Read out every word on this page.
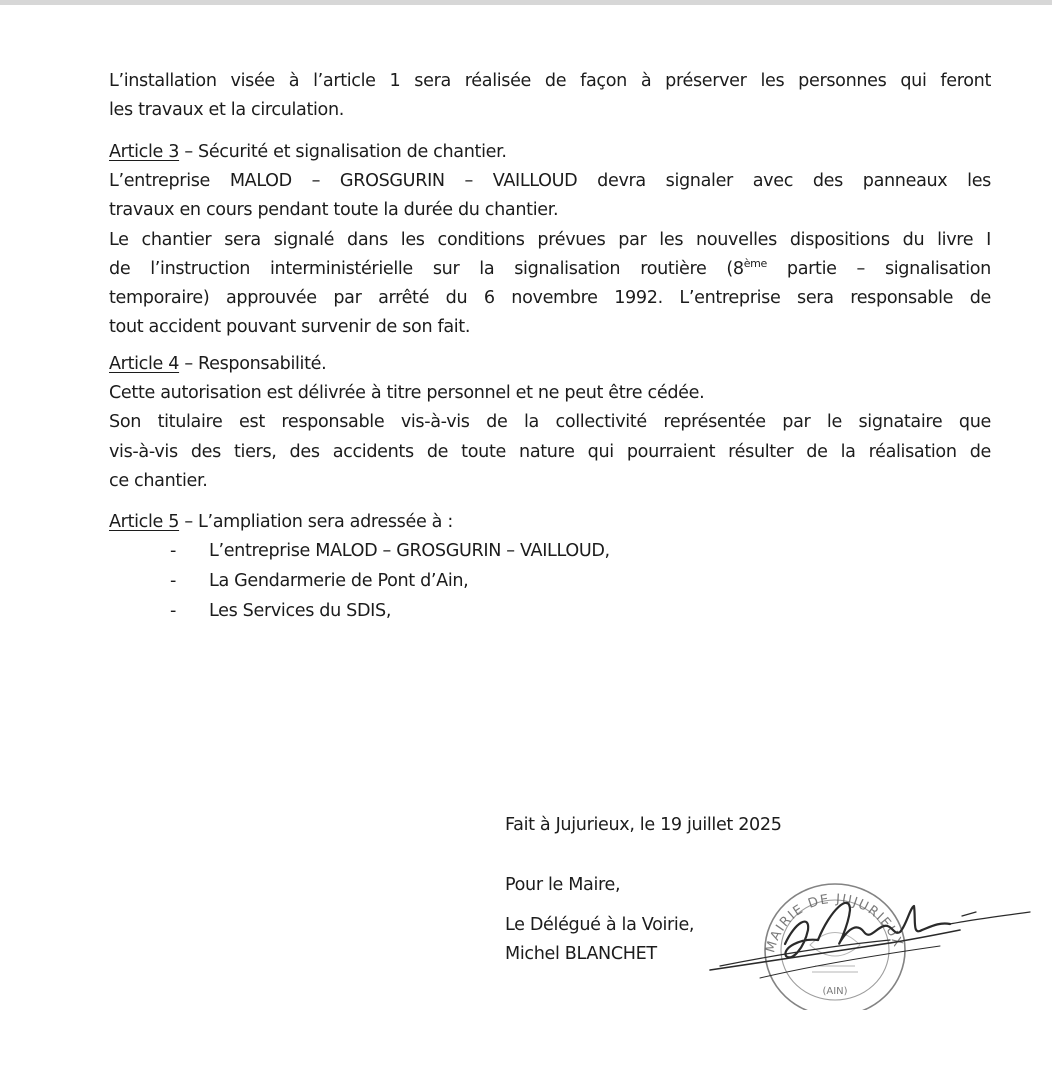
L’installation visée à l’article 1 sera réalisée de façon à préserver les personnes qui feront
les travaux et la circulation.
Article 3 – Sécurité et signalisation de chantier.
L’entreprise MALOD – GROSGURIN – VAILLOUD devra signaler avec des panneaux les
travaux en cours pendant toute la durée du chantier.
Le chantier sera signalé dans les conditions prévues par les nouvelles dispositions du livre I
de l’instruction interministérielle sur la signalisation routière (8ème partie – signalisation
temporaire) approuvée par arrêté du 6 novembre 1992. L’entreprise sera responsable de
tout accident pouvant survenir de son fait.
Article 4 – Responsabilité.
Cette autorisation est délivrée à titre personnel et ne peut être cédée.
Son titulaire est responsable vis-à-vis de la collectivité représentée par le signataire que
vis-à-vis des tiers, des accidents de toute nature qui pourraient résulter de la réalisation de
ce chantier.
Article 5 – L’ampliation sera adressée à :
-	L’entreprise MALOD – GROSGURIN – VAILLOUD,
-	La Gendarmerie de Pont d’Ain,
-	Les Services du SDIS,
Fait à Jujurieux, le 19 juillet 2025
Pour le Maire,
Le Délégué à la Voirie,
Michel BLANCHET	MAIRIE DE JUJURIEUX
(AIN)
